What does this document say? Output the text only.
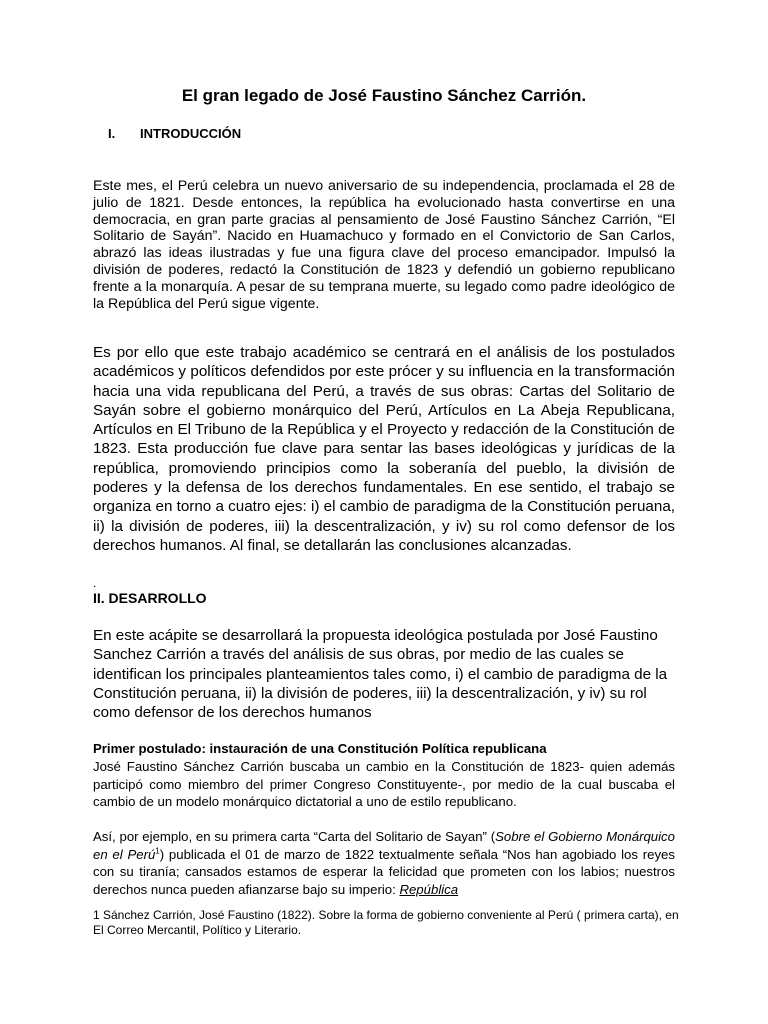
El gran legado de José Faustino Sánchez Carrión.
I. INTRODUCCIÓN

Este mes, el Perú celebra un nuevo aniversario de su independencia, proclamada el 28 de julio de 1821. Desde entonces, la república ha evolucionado hasta convertirse en una democracia, en gran parte gracias al pensamiento de José Faustino Sánchez Carrión, “El Solitario de Sayán”. Nacido en Huamachuco y formado en el Convictorio de San Carlos, abrazó las ideas ilustradas y fue una figura clave del proceso emancipador. Impulsó la división de poderes, redactó la Constitución de 1823 y defendió un gobierno republicano frente a la monarquía. A pesar de su temprana muerte, su legado como padre ideológico de la República del Perú sigue vigente.

Es por ello que este trabajo académico se centrará en el análisis de los postulados académicos y políticos defendidos por este prócer y su influencia en la transformación hacia una vida republicana del Perú, a través de sus obras: Cartas del Solitario de Sayán sobre el gobierno monárquico del Perú, Artículos en La Abeja Republicana, Artículos en El Tribuno de la República y el Proyecto y redacción de la Constitución de 1823. Esta producción fue clave para sentar las bases ideológicas y jurídicas de la república, promoviendo principios como la soberanía del pueblo, la división de poderes y la defensa de los derechos fundamentales. En ese sentido, el trabajo se organiza en torno a cuatro ejes: i) el cambio de paradigma de la Constitución peruana, ii) la división de poderes, iii) la descentralización, y iv) su rol como defensor de los derechos humanos. Al final, se detallarán las conclusiones alcanzadas.

.

II. DESARROLLO

En este acápite se desarrollará la propuesta ideológica postulada por José Faustino Sanchez Carrión a través del análisis de sus obras, por medio de las cuales se identifican los principales planteamientos tales como, i) el cambio de paradigma de la Constitución peruana, ii) la división de poderes, iii) la descentralización, y iv) su rol como defensor de los derechos humanos

Primer postulado: instauración de una Constitución Política republicana

José Faustino Sánchez Carrión buscaba un cambio en la Constitución de 1823- quien además participó como miembro del primer Congreso Constituyente-, por medio de la cual buscaba el cambio de un modelo monárquico dictatorial a uno de estilo republicano.

Así, por ejemplo, en su primera carta “Carta del Solitario de Sayan” (Sobre el Gobierno Monárquico en el Perú$^1$) publicada el 01 de marzo de 1822 textualmente señala “Nos han agobiado los reyes con su tiranía; cansados estamos de esperar la felicidad que prometen con los labios; nuestros derechos nunca pueden afianzarse bajo su imperio: República

1 Sánchez Carrión, José Faustino (1822). Sobre la forma de gobierno conveniente al Perú ( primera carta), en El Correo Mercantil, Político y Literario.
